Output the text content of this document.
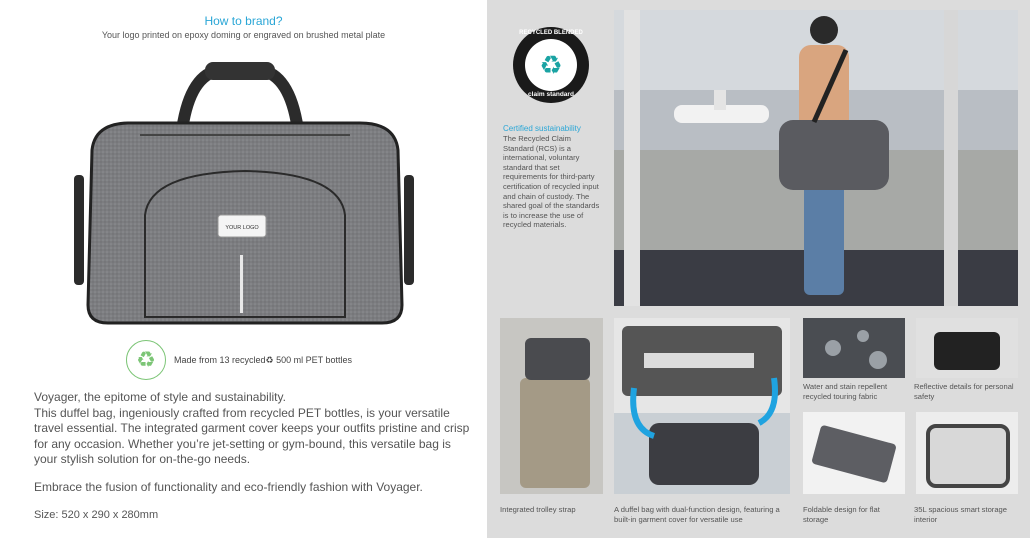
How to brand?
Your logo printed on epoxy doming or engraved on brushed metal plate
YOUR LOGO
♻	Made from 13 recycled♻ 500 ml PET bottles

Voyager, the epitome of style and sustainability.

This duffel bag, ingeniously crafted from recycled PET bottles, is your versatile travel essential. The integrated garment cover keeps your outfits pristine and crisp for any occasion. Whether you’re jet-setting or gym-bound, this versatile bag is your stylish solution for on-the-go needs.

Embrace the fusion of functionality and eco-friendly fashion with Voyager.
Size: 520 x 290 x 280mm
RECYCLED BLENDED
♻
claim standard
Certified sustainability
The Recycled Claim Standard (RCS) is a international, voluntary standard that set requirements for third-party certification of recycled input and chain of custody. The shared goal of the standards is to increase the use of recycled materials.
Integrated trolley strap	A duffel bag with dual-function design, featuring a built-in garment cover for versatile use
Water and stain repellent recycled touring fabric
Reflective details for personal safety
Foldable design for flat storage
35L spacious smart storage interior
